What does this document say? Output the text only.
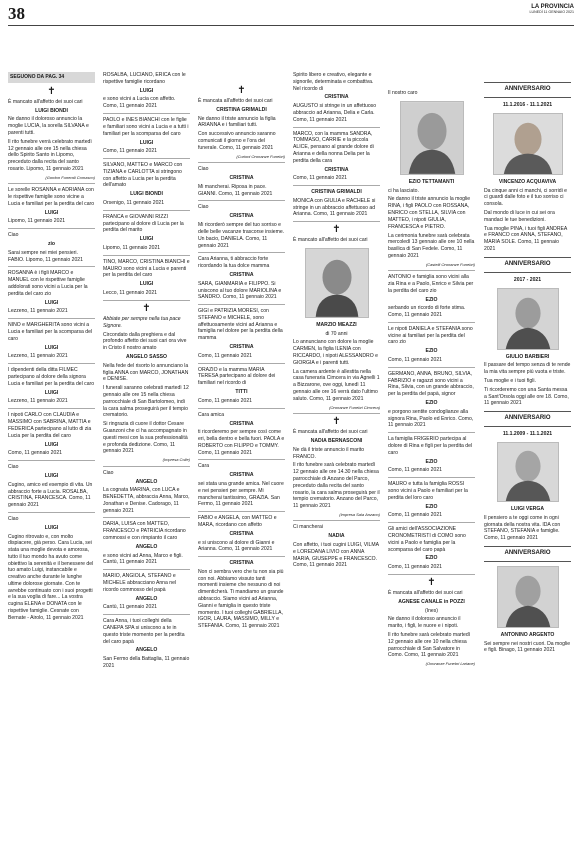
38	LA PROVINCIA
LUNEDÌ 11 GENNAIO 2021
SEGUONO DA PAG. 34
✝

È mancato all'affetto dei suoi cari

LUIGI BIONDI

Ne danno il doloroso annuncio la moglie LUCIA, la sorella SILVANA e parenti tutti.

Il rito funebre verrà celebrato martedì 12 gennaio alle ore 15 nella chiesa dello Spirito Santo in Lipomo, preceduto dalla recita del santo rosario. Lipomo, 11 gennaio 2021

(Gordon Funerali Comasco)

Le sorelle ROSANNA e ADRIANA con le rispettive famiglie sono vicine a Lucia e familiari per la perdita del caro

LUIGI

Lipomo, 11 gennaio 2021

Ciao

zio

Sarai sempre nei miei pensieri. FABIO. Lipomo, 11 gennaio 2021

ROSANNA è i figli MARCO e MANUEL con le rispettive famiglie addolorati sono vicini a Lucia per la perdita del caro zio

LUIGI

Lezzeno, 11 gennaio 2021

NINO e MARGHERITA sono vicini a Lucia e familiari per la scomparsa del caro

LUIGI

Lezzeno, 11 gennaio 2021

I dipendenti della ditta FILMEC partecipano al dolore della signora Lucia e familiari per la perdita del caro

LUIGI

Lezzeno, 11 gennaio 2021

I nipoti CARLO con CLAUDIA e MASSIMO con SABRINA, MATTIA e FEDERICA partecipano al lutto di zia Lucia per la perdita del caro

LUIGI

Como, 11 gennaio 2021

Ciao

LUIGI

Cugino, amico ed esempio di vita. Un abbraccio forte a Lucia. ROSALBA, CRISTINA, FRANCESCA. Como, 11 gennaio 2021

Ciao

LUIGI

Cugino ritrovato e, con molto dispiacere, già perso. Cara Lucia, sei stata una moglie devota e amorosa, tutto il tuo mondo ha avuto come obiettivo la serenità e il benessere del tuo amato Luigi, instancabile e creativo anche durante le lunghe ultime dolorose giornate. Con te avrebbe continuato con i suoi progetti e la sua voglia di fare... La vostra cugina ELENA e DONATA con le rispettive famiglie. Cesnate con Bernate - Airolo, 11 gennaio 2021

ROSALBA, LUCIANO, ERICA con le rispettive famiglie ricordano

LUIGI

e sono vicini a Lucia con affetto. Como, 11 gennaio 2021

PAOLO e INES BIANCHI con le figlie e familiari sono vicini a Lucia e a tutti i familiari per la scomparsa del caro

LUIGI

Como, 11 gennaio 2021

SILVANO, MATTEO e MARCO con TIZIANA e CARLOTTA si stringono con affetto a Lucia per la perdita dell'amato

LUIGI BIONDI

Orsenigo, 11 gennaio 2021

FRANCA e GIOVANNI RIZZI partecipano al dolore di Lucia per la perdita del marito

LUIGI

Lipomo, 11 gennaio 2021

TINO, MARCO, CRISTINA BIANCHI e MAURO sono vicini a Lucia e parenti per la perdita del caro

LUIGI

Lecco, 11 gennaio 2021

✝

Abbiate per sempre nella tua pace Signore.

Circondato dalla preghiera e dal profondo affetto dei suoi cari ora vive in Cristo il nostro amato

ANGELO SASSO

Nella fede del risorto lo annunciano la figlia ANNA con MARCO, JONATHAN e DENISE.

I funerali saranno celebrati martedì 12 gennaio alle ore 15 nella chiesa parrocchiale di San Bartolomeo, indi la cara salma proseguirà per il tempio crematorio.

Si ringrazia di cuore il dottor Cesare Guanzoni che ci ha accompagnato in questi mesi con la sua professionalità e profonda dedizione. Como, 11 gennaio 2021

(Impresa Colle)

Ciao

ANGELO

La cognata MARINA, con LUCA e BENEDETTA, abbraccia Anna, Marco, Jonathan e Denise. Cadorago, 11 gennaio 2021

DARIA, LUISA con MATTEO, FRANCESCO e PATRICIA ricordano commossi e con rimpianto il caro

ANGELO

e sono vicini ad Anna, Marco e figli. Cantù, 11 gennaio 2021

MARIO, ANGIOLA, STEFANO e MICHELE abbracciano Anna nel ricordo commosso del papà

ANGELO

Cantù, 11 gennaio 2021

Cara Anna, i tuoi colleghi della CANEPA SPA si uniscono a te in questo triste momento per la perdita del caro papà

ANGELO

San Fermo della Battaglia, 11 gennaio 2021

✝

È mancata all'affetto dei suoi cari

CRISTINA GRIMALDI

Ne danno il triste annuncio la figlia ARIANNA e i familiari tutti.

Con successivo annuncio saranno comunicati il giorno e l'ora del funerale. Como, 11 gennaio 2021

(Curioni Onoranze Funebri)

Ciao

CRISTINA

Mi mancherai. Riposa in pace. GIANNI. Como, 11 gennaio 2021

Ciao

CRISTINA

Mi ricorderò sempre del tuo sorriso e delle belle vacanze trascorse insieme. Un bacio, DANIELA. Como, 11 gennaio 2021

Cara Arianna, ti abbraccio forte ricordando la tua dolce mamma

CRISTINA

SARA, GIANMARIA e FILIPPO. Si uniscono al tuo dolore MARIOLINA e SANDRO. Como, 11 gennaio 2021

GIGI e PATRIZIA MORESI, con STEFANO e MICHELE, sono affettuosamente vicini ad Arianna e famiglia nel dolore per la perdita della mamma

CRISTINA

Como, 11 gennaio 2021

ORAZIO e la mamma MARIA TERESA partecipano al dolore dei familiari nel ricordo di

TITTI

Como, 11 gennaio 2021

Cara amica

CRISTINA

ti ricorderemo per sempre così come eri, bella dentro e bella fuori. PAOLA e ROBERTO con FILIPPO e TOMMY. Como, 11 gennaio 2021

Cara

CRISTINA

sei stata una grande amica. Nel cuore e nei pensieri per sempre. Mi mancherai tantissimo, GRAZIA. San Fermo, 11 gennaio 2021

FABIO e ANGELA, con MATTEO e MARA, ricordano con affetto

CRISTINA

e si uniscono al dolore di Gianni e Arianna. Como, 11 gennaio 2021

CRISTINA

Non ci sembra vero che tu non sia più con noi. Abbiamo vissuto tanti momenti insieme che nessuno di noi dimenticherà. Ti mandiamo un grande abbraccio. Siamo vicini ad Arianna, Gianni e famiglia in questo triste momento. I tuoi colleghi GABRIELLA, IGOR, LAURA, MASSIMO, MILLY e STEFANIA. Como, 11 gennaio 2021

Spirito libero e creativo, elegante e signorile, determinata e combattiva. Nel ricordo di

CRISTINA

AUGUSTO si stringe in un affettuoso abbraccio ad Arianna, Delia e Carla. Como, 11 gennaio 2021

MARCO, con la mamma SANDRA, TOMMASO, CARRIE e la piccola ALICE, pensano al grande dolore di Arianna e della nonna Delia per la perdita della cara

CRISTINA

Como, 11 gennaio 2021

CRISTINA GRIMALDI

MONICA con GIULIA e RACHELE si stringe in un abbraccio affettuoso ad Arianna. Como, 11 gennaio 2021

✝

È mancato all'affetto dei suoi cari

MARZIO MEAZZI

di 70 anni

Lo annunciano con dolore la moglie CARMEN, la figlia ILENIA con RICCARDO, i nipoti ALESSANDRO e GIORGIA e i parenti tutti.

La camera ardente è allestita nella casa funeraria Cimcera in via Agnelli 1 a Bizzarone, ove oggi, lunedì 11 gennaio alle ore 16 verrà dato l'ultimo saluto. Como, 11 gennaio 2021

(Onoranze Funebri Cimcera)

✝

È mancata all'affetto dei suoi cari

NADIA BERNASCONI

Ne dà il triste annuncio il marito FRANCO.

Il rito funebre sarà celebrato martedì 12 gennaio alle ore 14.30 nella chiesa parrocchiale di Anzano del Parco, preceduto dalla recita del santo rosario, la cara salma proseguirà per il tempio crematorio. Anzano del Parco, 11 gennaio 2021

(Impresa Sala Anzano)

Ci mancherai

NADIA

Con affetto, i tuoi cugini LUIGI, VILMA e LOREDANA LIVIO con ANNA MARIA, GIUSEPPE e FRANCESCO. Como, 11 gennaio 2021

Il nostro caro

EZIO TETTAMANTI

ci ha lasciato.

Ne danno il triste annuncio la moglie RINA, i figli PAOLO con ROSSANA, ENRICO con STELLA, SILVIA con MATTEO, i nipoti GIULIA, FRANCESCA e PIETRO.

La cerimonia funebre sarà celebrata mercoledì 13 gennaio alle ore 10 nella basilica di San Fedele. Como, 11 gennaio 2021

(Castelli Onoranze Funebri)

ANTONIO e famiglia sono vicini alla zia Rina e a Paolo, Enrico e Silvia per la perdita del caro zio

EZIO

serbando un ricordo di forte stima. Como, 11 gennaio 2021

Le nipoti DANIELA e STEFANIA sono vicine ai familiari per la perdita del caro zio

EZIO

Como, 11 gennaio 2021

GERMANO, ANNA, BRUNO, SILVIA, FABRIZIO e ragazzi sono vicini a Rina, Silvia, con un grande abbraccio, per la perdita del papà, signor

EZIO

e porgono sentite condoglianze alla signora Rina, Paolo ed Enrico. Como, 11 gennaio 2021

La famiglia FRIGERIO partecipa al dolore di Rina e figli per la perdita del caro

EZIO

Como, 11 gennaio 2021

MAURO e tutta la famiglia ROSSI sono vicini a Paolo e familiari per la perdita del loro caro

EZIO

Como, 11 gennaio 2021

Gli amici dell'ASSOCIAZIONE CRONOMETRISTI di COMO sono vicini a Paolo e famiglia per la scomparsa del caro papà

EZIO

Como, 11 gennaio 2021

✝

È mancata all'affetto dei suoi cari

AGNESE CANALE in POZZI

(Ines)

Ne danno il doloroso annuncio il marito, i figli, le nuore e i nipoti.

Il rito funebre sarà celebrato martedì 12 gennaio alle ore 10 nella chiesa parrocchiale di San Salvatore in Como. Como, 11 gennaio 2021

(Onoranze Funebri Lariane)

ANNIVERSARIO

11.1.2016 - 11.1.2021

VINCENZO ACQUAVIVA

Da cinque anni ci manchi, ci sorridi e ci guardi dalle foto e il tuo sorriso ci consola.

Dal mondo di luce in cui sei ora mandaci le tue benedizioni.

Tua moglie PINA, i tuoi figli ANDREA e FRANCO con ANNA, STEFANO, MARIA SOLE. Como, 11 gennaio 2021

ANNIVERSARIO

2017 - 2021

GIULIO BARBIERI

Il passare del tempo senza di te rende la mia vita sempre più vuota e triste.

Tua moglie e i tuoi figli.

Ti ricorderemo con una Santa messa a Sant'Orsola oggi alle ore 18. Como, 11 gennaio 2021

ANNIVERSARIO

11.1.2009 - 11.1.2021

LUIGI VERGA

Il pensiero a te oggi come in ogni giornata della nostra vita. IDA con STEFANO, STEFANIA e famiglie. Como, 11 gennaio 2021

ANNIVERSARIO

ANTONINO ARGENTO

Sei sempre nei nostri cuori. Da moglie e figli. Binago, 11 gennaio 2021
